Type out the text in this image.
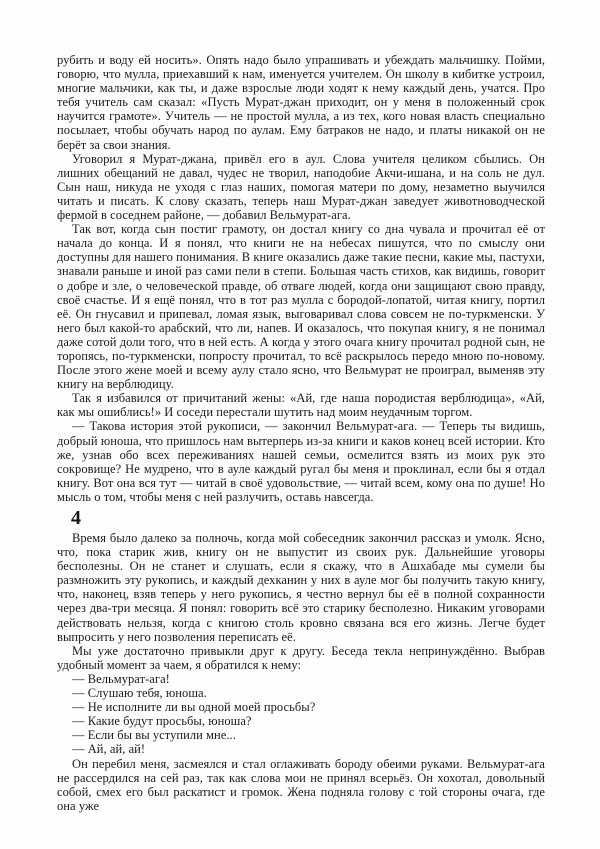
рубить и воду ей носить». Опять надо было упрашивать и убеждать мальчишку. Пойми, говорю, что мулла, приехавший к нам, именуется учителем. Он школу в кибитке устроил, многие мальчики, как ты, и даже взрослые люди ходят к нему каждый день, учатся. Про тебя учитель сам сказал: «Пусть Мурат-джан приходит, он у меня в положенный срок научится грамоте». Учитель — не простой мулла, а из тех, кого новая власть специально посылает, чтобы обучать народ по аулам. Ему батраков не надо, и платы никакой он не берёт за свои знания.

Уговорил я Мурат-джана, привёл его в аул. Слова учителя целиком сбылись. Он лишних обещаний не давал, чудес не творил, наподобие Акчи-ишана, и на соль не дул. Сын наш, никуда не уходя с глаз наших, помогая матери по дому, незаметно выучился читать и писать. К слову сказать, теперь наш Мурат-джан заведует животноводческой фермой в соседнем районе, — добавил Вельмурат-ага.

Так вот, когда сын постиг грамоту, он достал книгу со дна чувала и прочитал её от начала до конца. И я понял, что книги не на небесах пишутся, что по смыслу они доступны для нашего понимания. В книге оказались даже такие песни, какие мы, пастухи, знавали раньше и иной раз сами пели в степи. Большая часть стихов, как видишь, говорит о добре и зле, о человеческой правде, об отваге людей, когда они защищают свою правду, своё счастье. И я ещё понял, что в тот раз мулла с бородой-лопатой, читая книгу, портил её. Он гнусавил и припевал, ломая язык, выговаривал слова совсем не по-туркменски. У него был какой-то арабский, что ли, напев. И оказалось, что покупая книгу, я не понимал даже сотой доли того, что в ней есть. А когда у этого очага книгу прочитал родной сын, не торопясь, по-туркменски, попросту прочитал, то всё раскрылось передо мною по-новому. После этого жене моей и всему аулу стало ясно, что Вельмурат не проиграл, выменяв эту книгу на верблюдицу.

Так я избавился от причитаний жены: «Ай, где наша породистая верблюдица», «Ай, как мы ошиблись!» И соседи перестали шутить над моим неудачным торгом.

— Такова история этой рукописи, — закончил Вельмурат-ага. — Теперь ты видишь, добрый юноша, что пришлось нам вытерперь из-за книги и каков конец всей истории. Кто же, узнав обо всех переживаниях нашей семьи, осмелится взять из моих рук это сокровище? Не мудрено, что в ауле каждый ругал бы меня и проклинал, если бы я отдал книгу. Вот она вся тут — читай в своё удовольствие, — читай всем, кому она по душе! Но мысль о том, чтобы меня с ней разлучить, оставь навсегда.

4

Время было далеко за полночь, когда мой собеседник закончил рассказ и умолк. Ясно, что, пока старик жив, книгу он не выпустит из своих рук. Дальнейшие уговоры бесполезны. Он не станет и слушать, если я скажу, что в Ашхабаде мы сумели бы размножить эту рукопись, и каждый дехканин у них в ауле мог бы получить такую книгу, что, наконец, взяв теперь у него рукопись, я честно вернул бы её в полной сохранности через два-три месяца. Я понял: говорить всё это старику бесполезно. Никаким уговорами действовать нельзя, когда с книгою столь кровно связана вся его жизнь. Легче будет выпросить у него позволения переписать её.

Мы уже достаточно привыкли друг к другу. Беседа текла непринуждённо. Выбрав удобный момент за чаем, я обратился к нему:

— Вельмурат-ага!

— Слушаю тебя, юноша.

— Не исполните ли вы одной моей просьбы?

— Какие будут просьбы, юноша?

— Если бы вы уступили мне...

— Ай, ай, ай!

Он перебил меня, засмеялся и стал оглаживать бороду обеими руками. Вельмурат-ага не рассердился на сей раз, так как слова мои не принял всерьёз. Он хохотал, довольный собой, смех его был раскатист и громок. Жена подняла голову с той стороны очага, где она уже
